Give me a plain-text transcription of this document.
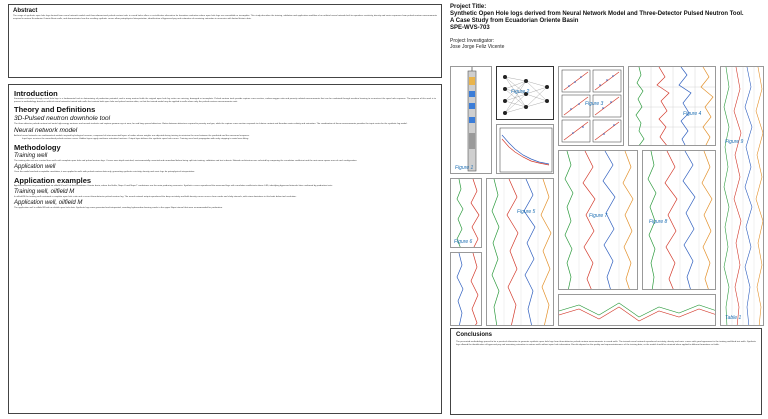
Abstract
The usage of synthetic open hole logs derived from neural network models and three-dimensional pulsed neutron tools in cased holes offers a cost-effective alternative for formation evaluation where open hole logs are unavailable or incomplete. This study describes the training, validation and application workflow of an artificial neural network built to reproduce resistivity, density and sonic responses from pulsed neutron measurements acquired in mature Ecuadorian Oriente Basin wells, and demonstrates how the resulting synthetic curves allow petrophysical interpretation, identification of bypassed pay and estimation of remaining saturation in reservoirs with limited historic data.
Introduction
Formation evaluation through cased hole logs is a fundamental task in determining oil production potential, and in many mature fields the original open hole log suites are missing, damaged or incomplete. Pulsed neutron tools provide capture cross-section, carbon-oxygen ratio and porosity related measurements that can be combined through machine learning to reconstruct the open hole response. The purpose of this work is to present a methodology based on artificial neural networks trained with wells that contain both open hole and pulsed neutron data, so that the trained model may be applied to wells where only the pulsed neutron measurements exist.
Theory and Definitions
3D-Pulsed neutron downhole tool
The three-detector pulsed neutron tool emits high-energy neutrons and records inelastic and capture gamma rays at near, far and long spaced detectors. Ratios between detectors respond to porosity and gas, while the capture cross-section responds to chlorine content and therefore water salinity and saturation. The combination of these measurements provides the input vector for the synthetic log model.
Neural network model
Artificial neural networks are mathematical models inspired by biological neurons, composed of interconnected layers of nodes whose weights are adjusted during training to minimize the error between the predicted and the measured response.
Input layer receives the normalized pulsed neutron curves. Hidden layers apply nonlinear activation functions. Output layer delivers the synthetic open hole curves. Training uses back propagation with early stopping to avoid over-fitting.
Methodology
Training well
The training data set was created from wells with complete open hole and pulsed neutron logs. Curves were depth matched, environmentally corrected and normalized before being split into training, validation and test subsets. Network architecture was selected by comparing the correlation coefficient and the root mean square error of each configuration.
Application well
Once the model reached acceptable correlation, it was applied to wells with pulsed neutron data only, generating synthetic resistivity, density and sonic logs for petrophysical interpretation.
Application examples
Application cases are presented from an oilfield M and X of the Ecuadorian Oriente basin, where the Hollin, Napo U and Napo T sandstones are the main producing reservoirs. Synthetic curves reproduced the measured logs with correlation coefficients above 0.85, identifying bypassed intervals later confirmed by production tests.
Training well, oilfield M
In oilfield M the training well contained a complete open hole suite and a recent three-detector pulsed neutron log. The neural network output reproduced the deep resistivity and bulk density curves across clean sands and shaly intervals, with minor deviations in thin beds below tool resolution.
Application well, oilfield M
The application well in oilfield M had no reliable open hole data. Synthetic logs were generated and interpreted, revealing hydrocarbon bearing sands in the upper Napo interval that were recommended for perforation.
Project Title:
Synthetic Open Hole logs derived from Neural Network Model and Three-Detector Pulsed Neutron Tool.
A Case Study from Ecuadorian Oriente Basin
SPE-WVS-703
Project Investigator:
Jose Jorge Feliz Vicente
Figure 1
Figure 2
Figure 3
Figure 4
Figure 6
Figure 7
Figure 8
Figure 9
Table 1
Figure 5
Conclusions
The presented methodology proved to be a practical alternative to generate synthetic open hole logs from three-detector pulsed neutron measurements in cased wells. The trained neural network reproduced resistivity, density and sonic curves with good agreement in the training and blind test wells. Synthetic logs allowed the identification of bypassed pay and remaining saturation in mature wells without open hole information. Results depend on the quality and representativeness of the training data, so the model should be retrained when applied to different formations or fields.
